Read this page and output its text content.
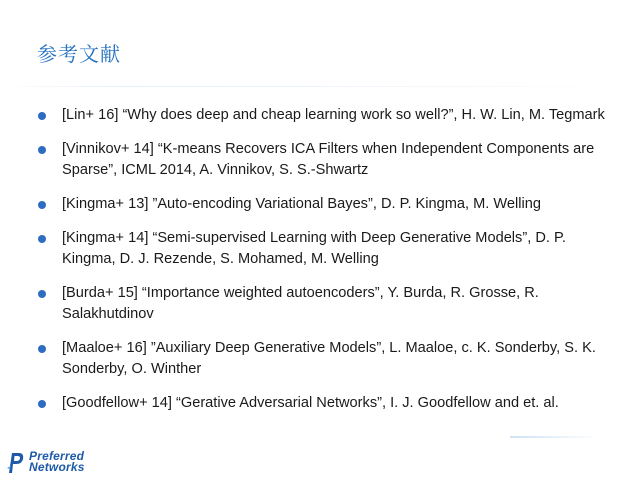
参考文献
[Lin+ 16] “Why does deep and cheap learning work so well?”, H. W. Lin, M. Tegmark
[Vinnikov+ 14] “K-means Recovers ICA Filters when Independent Components are Sparse”, ICML 2014, A. Vinnikov, S. S.-Shwartz
[Kingma+ 13] ”Auto-encoding Variational Bayes”, D. P. Kingma, M. Welling
[Kingma+ 14] “Semi-supervised Learning with Deep Generative Models”, D. P. Kingma, D. J. Rezende, S. Mohamed, M. Welling
[Burda+ 15] “Importance weighted autoencoders”, Y. Burda, R. Grosse, R. Salakhutdinov
[Maaloe+ 16] ”Auxiliary Deep Generative Models”, L. Maaloe, c. K. Sonderby, S. K. Sonderby, O. Winther
[Goodfellow+ 14] “Gerative Adversarial Networks”, I. J. Goodfellow and et. al.
Preferred
Networks
